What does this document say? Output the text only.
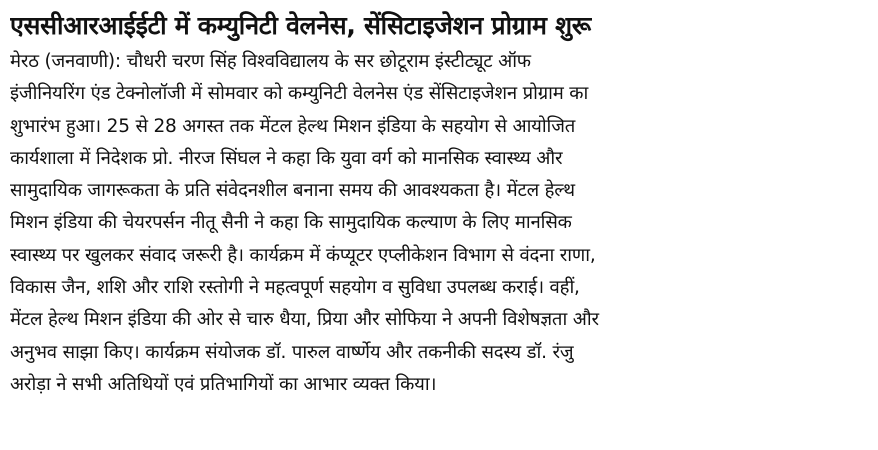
एससीआरआईईटी में कम्युनिटी वेलनेस, सेंसिटाइजेशन प्रोग्राम शुरू
मेरठ (जनवाणी): चौधरी चरण सिंह विश्वविद्यालय के सर छोटूराम इंस्टीट्यूट ऑफ
इंजीनियरिंग एंड टेक्नोलॉजी में सोमवार को कम्युनिटी वेलनेस एंड सेंसिटाइजेशन प्रोग्राम का
शुभारंभ हुआ। 25 से 28 अगस्त तक मेंटल हेल्थ मिशन इंडिया के सहयोग से आयोजित
कार्यशाला में निदेशक प्रो. नीरज सिंघल ने कहा कि युवा वर्ग को मानसिक स्वास्थ्य और
सामुदायिक जागरूकता के प्रति संवेदनशील बनाना समय की आवश्यकता है। मेंटल हेल्थ
मिशन इंडिया की चेयरपर्सन नीतू सैनी ने कहा कि सामुदायिक कल्याण के लिए मानसिक
स्वास्थ्य पर खुलकर संवाद जरूरी है। कार्यक्रम में कंप्यूटर एप्लीकेशन विभाग से वंदना राणा,
विकास जैन, शशि और राशि रस्तोगी ने महत्वपूर्ण सहयोग व सुविधा उपलब्ध कराई। वहीं,
मेंटल हेल्थ मिशन इंडिया की ओर से चारु धैया, प्रिया और सोफिया ने अपनी विशेषज्ञता और
अनुभव साझा किए। कार्यक्रम संयोजक डॉ. पारुल वार्ष्णेय और तकनीकी सदस्य डॉ. रंजु
अरोड़ा ने सभी अतिथियों एवं प्रतिभागियों का आभार व्यक्त किया।
